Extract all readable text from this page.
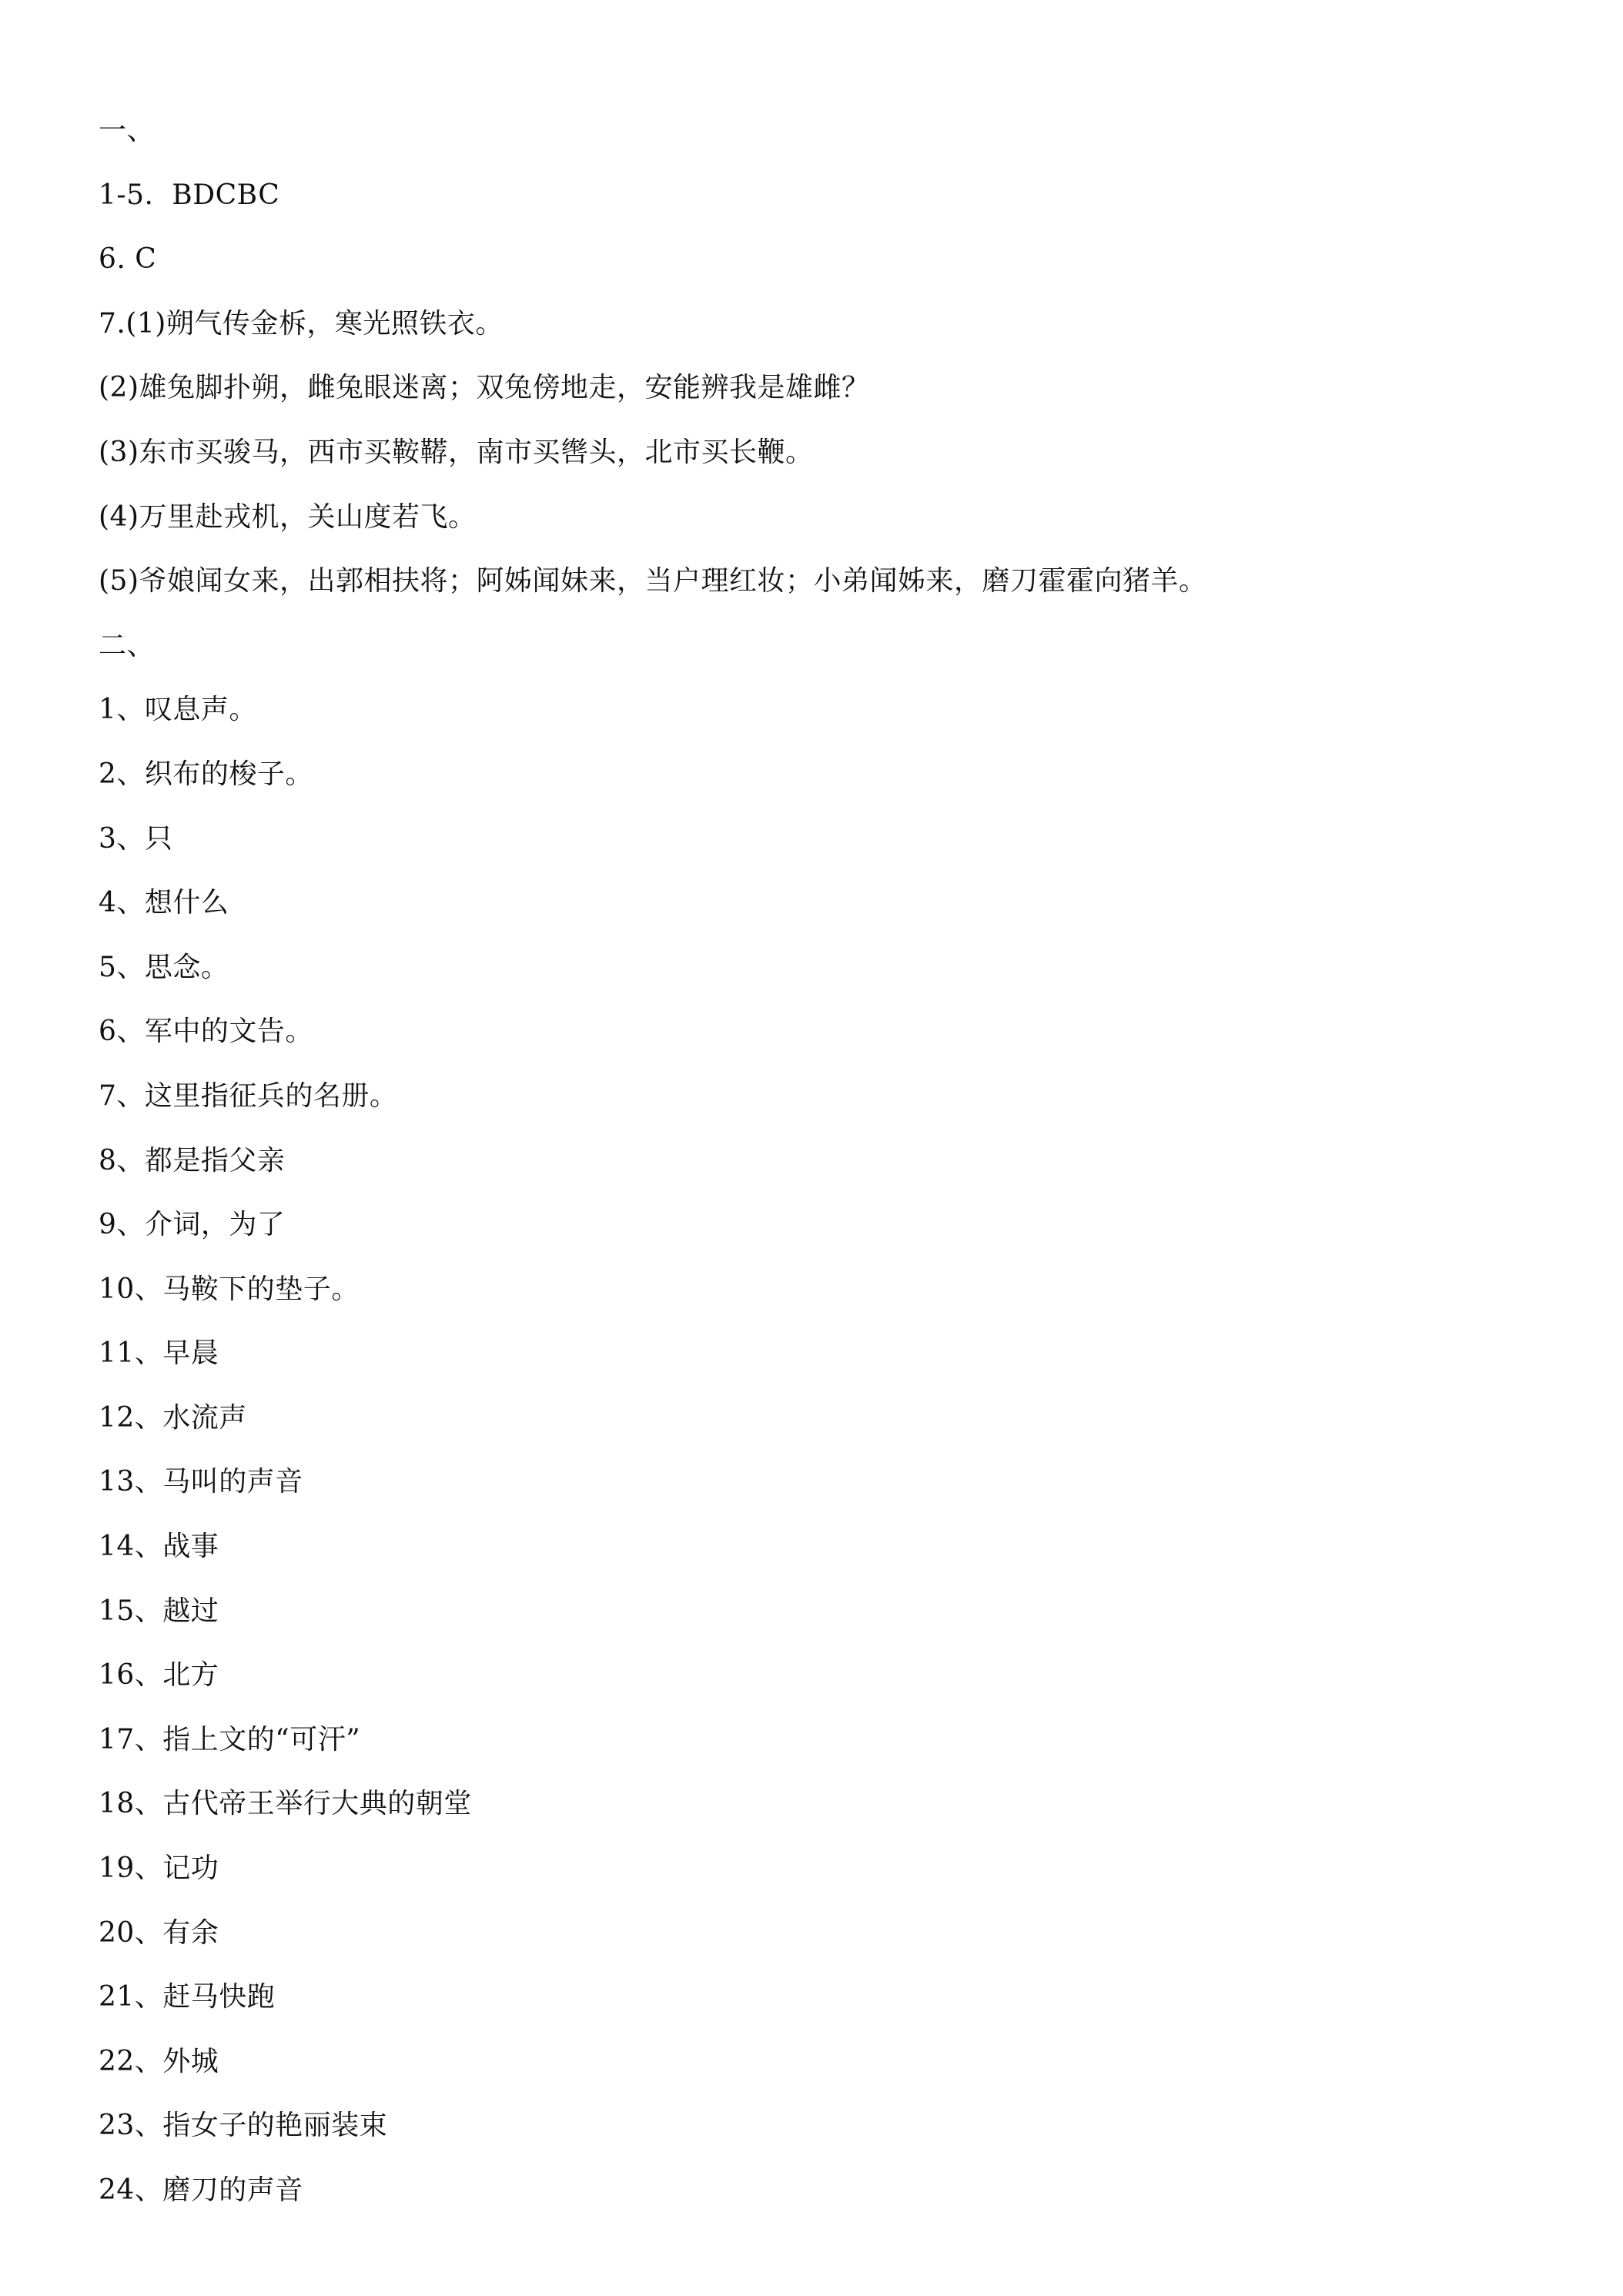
一、
1-5.  BDCBC
6. C
7.(1)朔气传金柝，寒光照铁衣。
(2)雄兔脚扑朔，雌兔眼迷离；双兔傍地走，安能辨我是雄雌？
(3)东市买骏马，西市买鞍鞯，南市买辔头，北市买长鞭。
(4)万里赴戎机，关山度若飞。
(5)爷娘闻女来，出郭相扶将；阿姊闻妹来，当户理红妆；小弟闻姊来，磨刀霍霍向猪羊。
二、
1、叹息声。
2、织布的梭子。
3、只
4、想什么
5、思念。
6、军中的文告。
7、这里指征兵的名册。
8、都是指父亲
9、介词，为了
10、马鞍下的垫子。
11、早晨
12、水流声
13、马叫的声音
14、战事
15、越过
16、北方
17、指上文的“可汗”
18、古代帝王举行大典的朝堂
19、记功
20、有余
21、赶马快跑
22、外城
23、指女子的艳丽装束
24、磨刀的声音
